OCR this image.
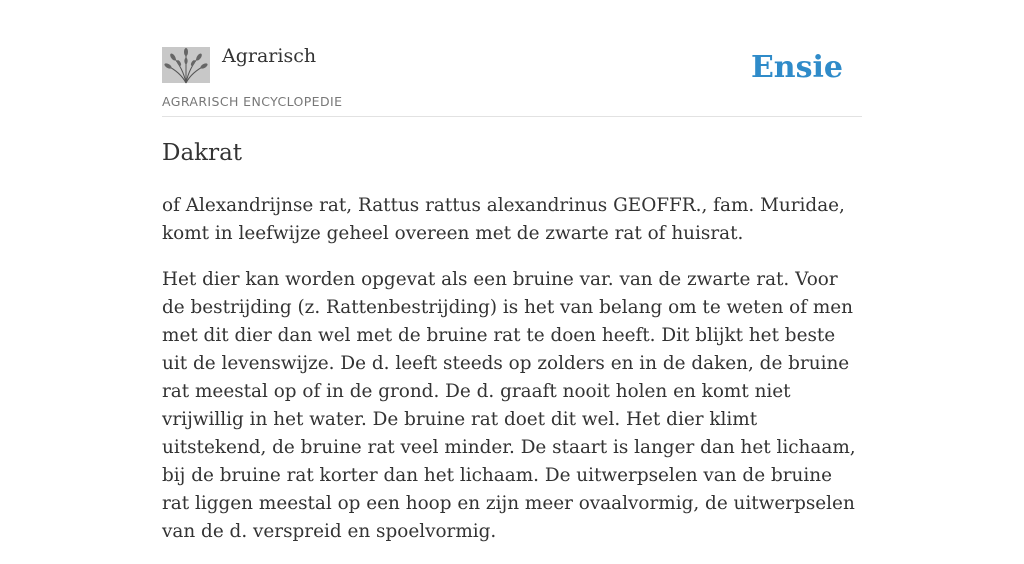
Agrarisch
AGRARISCH ENCYCLOPEDIE
Ensie
Dakrat

of Alexandrijnse rat, Rattus rattus alexandrinus GEOFFR., fam. Muridae, komt in leefwijze geheel overeen met de zwarte rat of huisrat.

Het dier kan worden opgevat als een bruine var. van de zwarte rat. Voor de bestrijding (z. Rattenbestrijding) is het van belang om te weten of men met dit dier dan wel met de bruine rat te doen heeft. Dit blijkt het beste uit de levenswijze. De d. leeft steeds op zolders en in de daken, de bruine rat meestal op of in de grond. De d. graaft nooit holen en komt niet vrijwillig in het water. De bruine rat doet dit wel. Het dier klimt uitstekend, de bruine rat veel minder. De staart is langer dan het lichaam, bij de bruine rat korter dan het lichaam. De uitwerpselen van de bruine rat liggen meestal op een hoop en zijn meer ovaalvormig, de uitwerpselen van de d. verspreid en spoelvormig.
